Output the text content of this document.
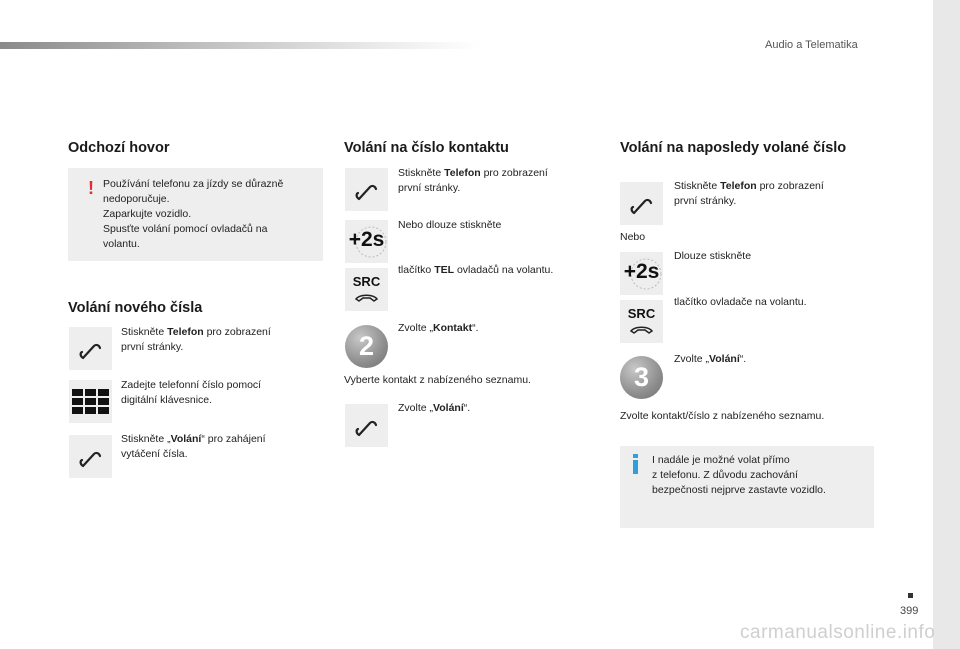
Audio a Telematika
399
carmanualsonline.info
Odchozí hovor
! Používání telefonu za jízdy se důrazně
nedoporučuje.
Zaparkujte vozidlo.
Spusťte volání pomocí ovladačů na
volantu.
Volání nového čísla
Stiskněte Telefon pro zobrazení
první stránky.
Zadejte telefonní číslo pomocí
digitální klávesnice.
Stiskněte „Volání“ pro zahájení
vytáčení čísla.
Volání na číslo kontaktu
Stiskněte Telefon pro zobrazení
první stránky.
+2s
Nebo dlouze stiskněte
SRC
tlačítko TEL ovladačů na volantu.
2
Zvolte „Kontakt“.
Vyberte kontakt z nabízeného seznamu.
Zvolte „Volání“.
Volání na naposledy volané číslo
Stiskněte Telefon pro zobrazení
první stránky.
Nebo
+2s
Dlouze stiskněte
SRC
tlačítko ovladače na volantu.
3
Zvolte „Volání“.
Zvolte kontakt/číslo z nabízeného seznamu.
I nadále je možné volat přímo
z telefonu. Z důvodu zachování
bezpečnosti nejprve zastavte vozidlo.
